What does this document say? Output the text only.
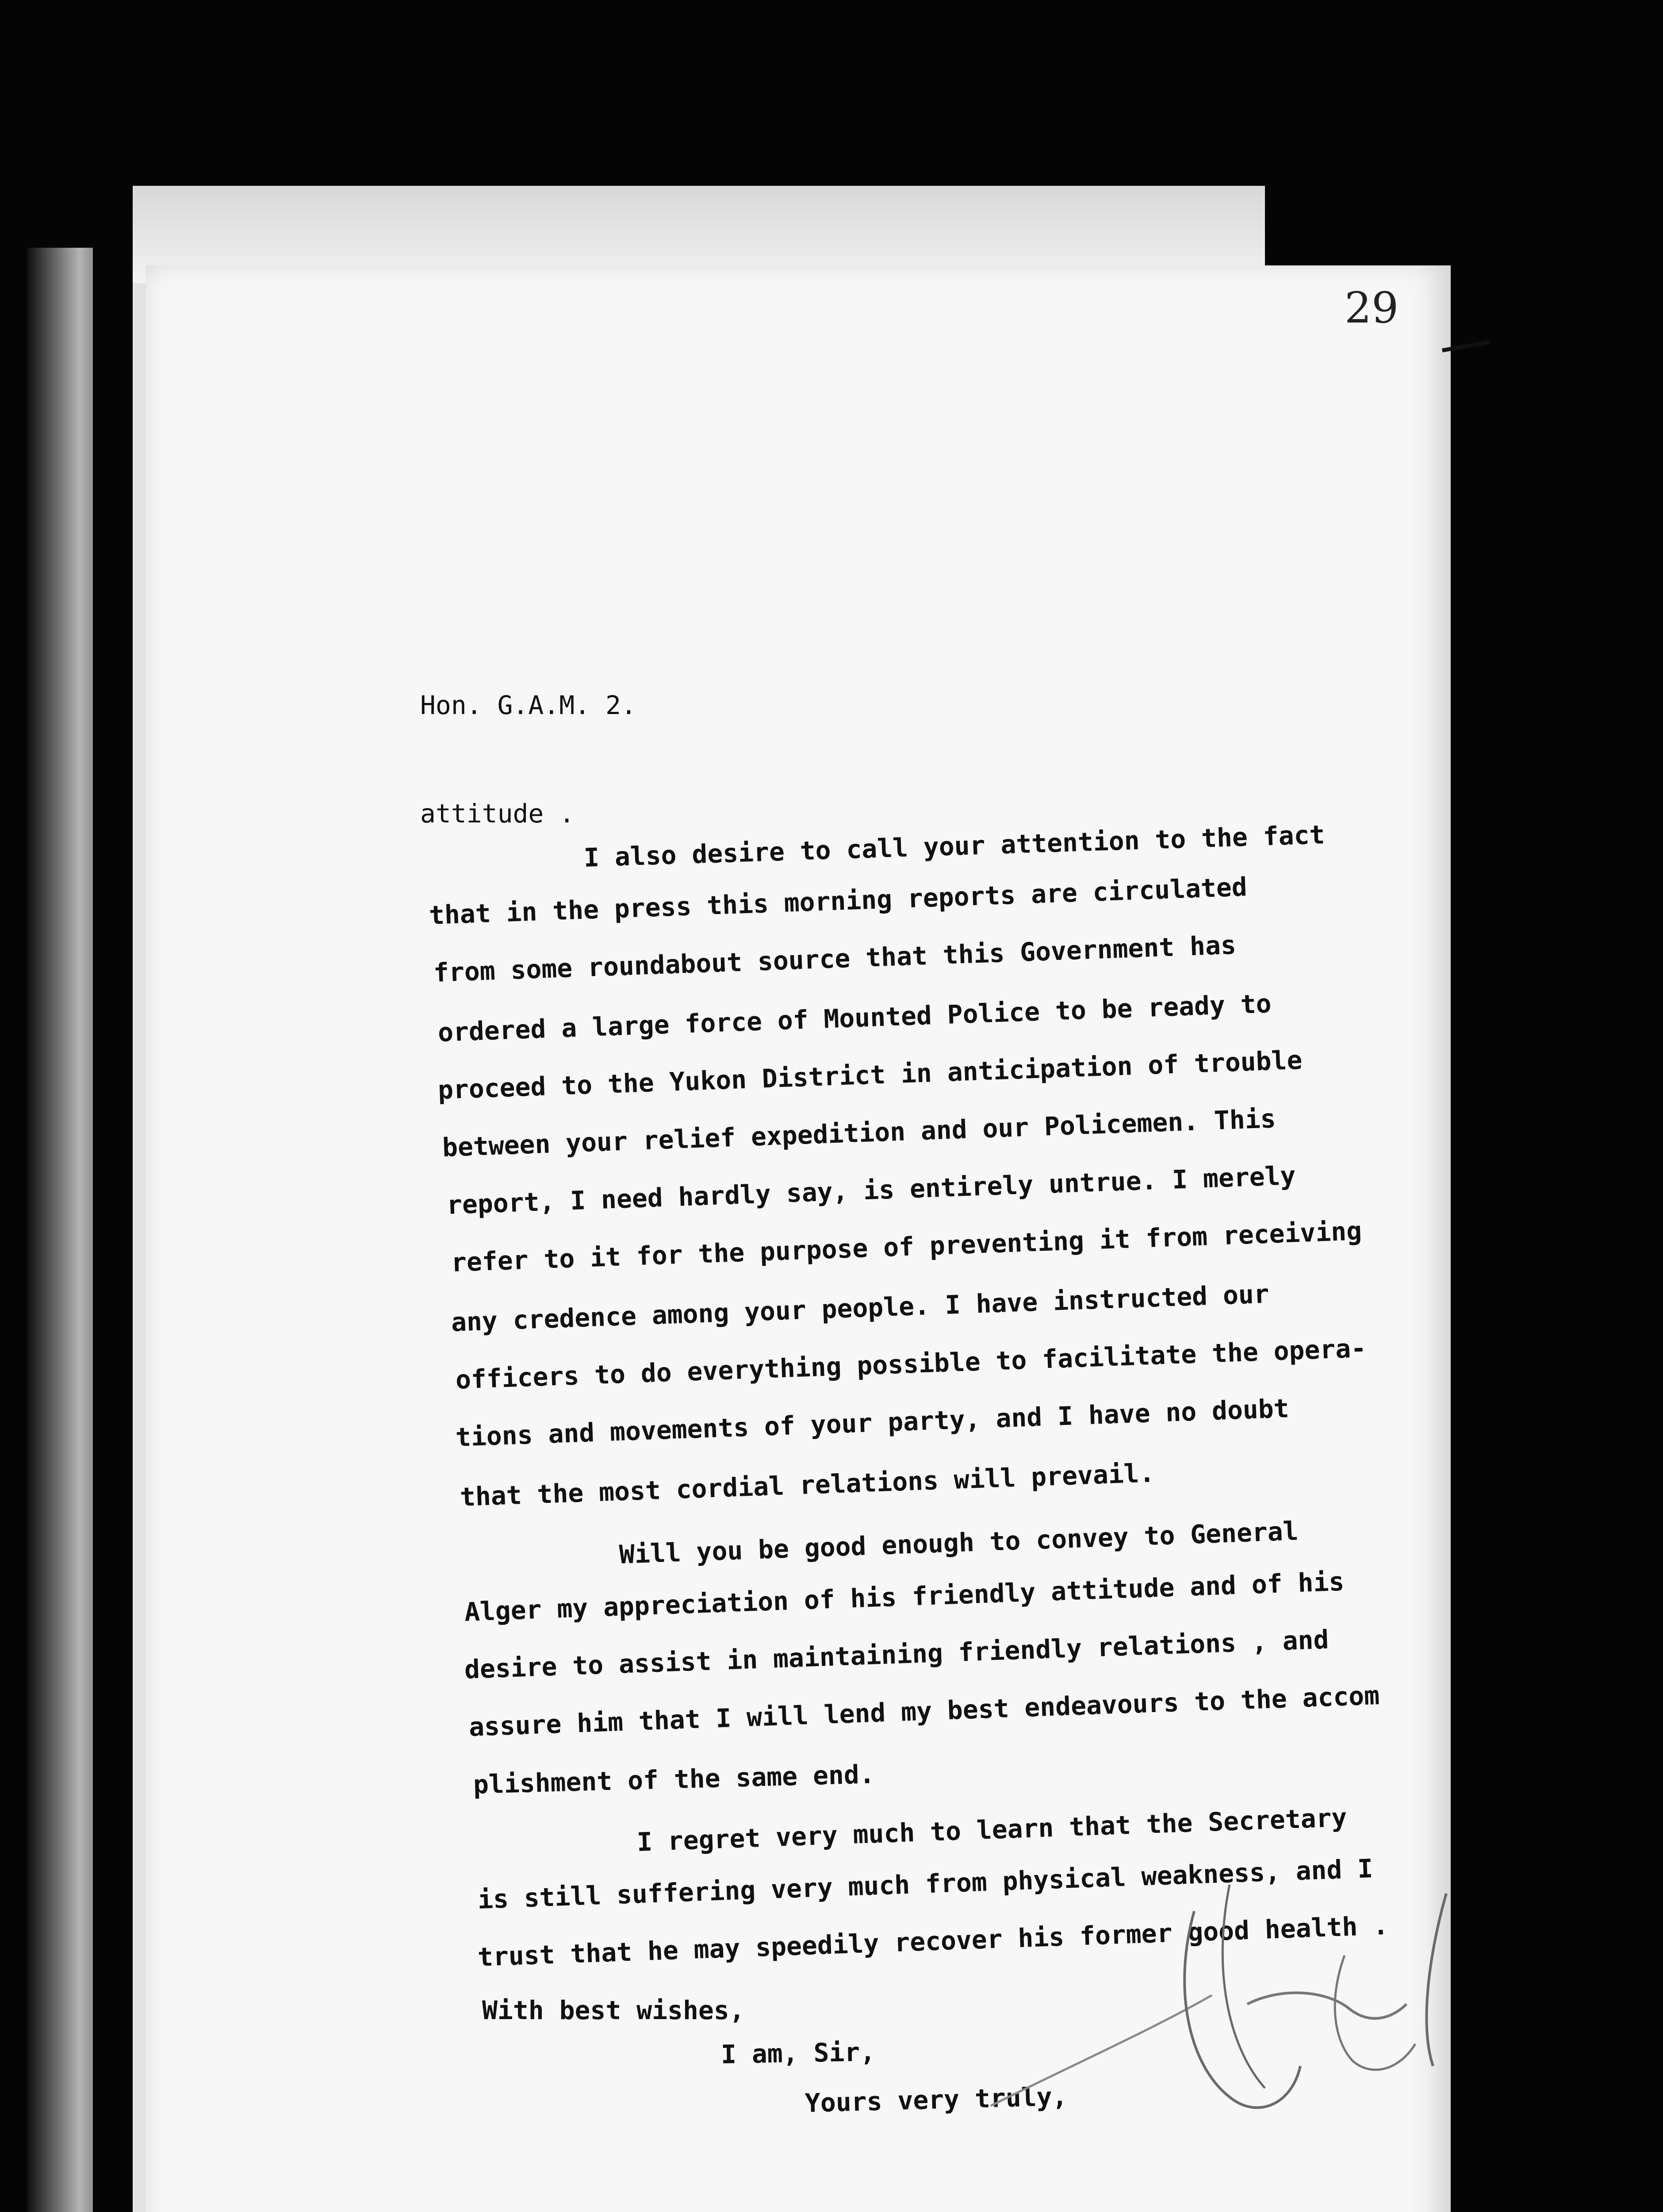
29
Hon. G.A.M. 2.
attitude .
I also desire to call your attention to the fact
that in the press this morning reports are circulated
from some roundabout source that this Government has
ordered a large force of Mounted Police to be ready to
proceed to the Yukon District in anticipation of trouble
between your relief expedition and our Policemen. This
report, I need hardly say, is entirely untrue. I merely
refer to it for the purpose of preventing it from receiving
any credence among your people. I have instructed our
officers to do everything possible to facilitate the opera-
tions and movements of your party, and I have no doubt
that the most cordial relations will prevail.
Will you be good enough to convey to General
Alger my appreciation of his friendly attitude and of his
desire to assist in maintaining friendly relations , and
assure him that I will lend my best endeavours to the accom
plishment of the same end.
I regret very much to learn that the Secretary
is still suffering very much from physical weakness, and I
trust that he may speedily recover his former good health .
With best wishes,
I am, Sir,
Yours very truly,
